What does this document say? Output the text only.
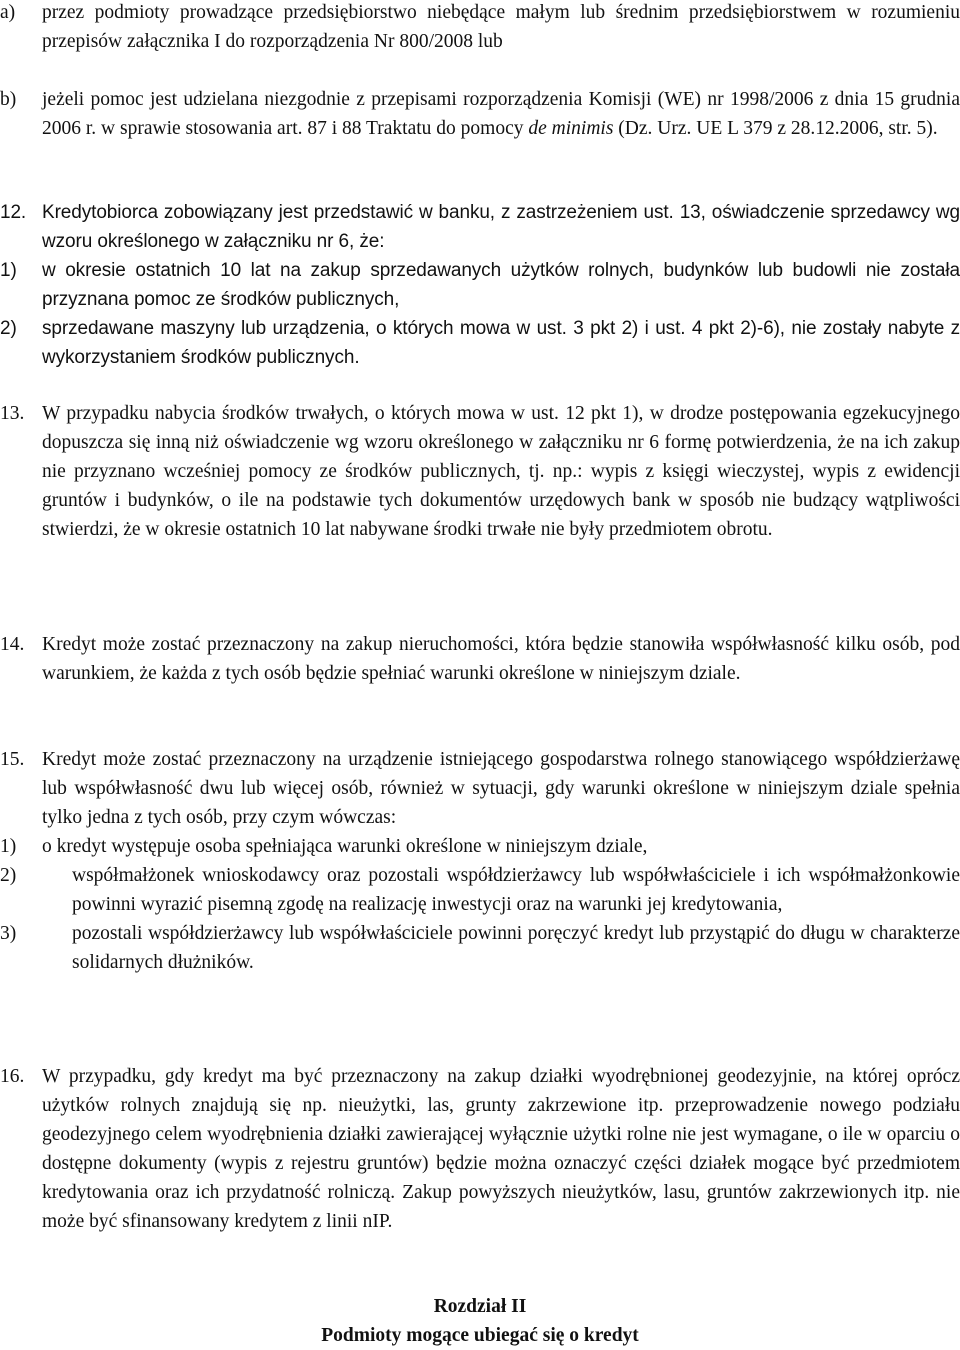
a)	przez podmioty prowadzące przedsiębiorstwo niebędące małym lub średnim przedsiębiorstwem w rozumieniu przepisów załącznika I do rozporządzenia Nr 800/2008 lub
b)	jeżeli pomoc jest udzielana niezgodnie z przepisami rozporządzenia Komisji (WE) nr 1998/2006 z dnia 15 grudnia 2006 r. w sprawie stosowania art. 87 i 88 Traktatu do pomocy de minimis (Dz. Urz. UE L 379 z 28.12.2006, str. 5).
12. Kredytobiorca zobowiązany jest przedstawić w banku, z zastrzeżeniem ust. 13, oświadczenie sprzedawcy wg wzoru określonego w załączniku nr 6, że:
1)	w okresie ostatnich 10 lat na zakup sprzedawanych użytków rolnych, budynków lub budowli nie została przyznana pomoc ze środków publicznych,
2)	sprzedawane maszyny lub urządzenia, o których mowa w ust. 3 pkt 2) i ust. 4 pkt 2)-6), nie zostały nabyte z wykorzystaniem środków publicznych.
13. W przypadku nabycia środków trwałych, o których mowa w ust. 12 pkt 1), w drodze postępowania egzekucyjnego dopuszcza się inną niż oświadczenie wg wzoru określonego w załączniku nr 6 formę potwierdzenia, że na ich zakup nie przyznano wcześniej pomocy ze środków publicznych, tj. np.: wypis z księgi wieczystej, wypis z ewidencji gruntów i budynków, o ile na podstawie tych dokumentów urzędowych bank w sposób nie budzący wątpliwości stwierdzi, że w okresie ostatnich 10 lat nabywane środki trwałe nie były przedmiotem obrotu.
14. Kredyt może zostać przeznaczony na zakup nieruchomości, która będzie stanowiła współwłasność kilku osób, pod warunkiem, że każda z tych osób będzie spełniać warunki określone w niniejszym dziale.
15. Kredyt może zostać przeznaczony na urządzenie istniejącego gospodarstwa rolnego stanowiącego współdzierżawę lub współwłasność dwu lub więcej osób, również w sytuacji, gdy warunki określone w niniejszym dziale spełnia tylko jedna z tych osób, przy czym wówczas:
1)	o kredyt występuje osoba spełniająca warunki określone w niniejszym dziale,
2)	współmałżonek wnioskodawcy oraz pozostali współdzierżawcy lub współwłaściciele i ich współmałżonkowie powinni wyrazić pisemną zgodę na realizację inwestycji oraz na warunki jej kredytowania,
3)	pozostali współdzierżawcy lub współwłaściciele powinni poręczyć kredyt lub przystąpić do długu w charakterze solidarnych dłużników.
16. W przypadku, gdy kredyt ma być przeznaczony na zakup działki wyodrębnionej geodezyjnie, na której oprócz użytków rolnych znajdują się np. nieużytki, las, grunty zakrzewione itp. przeprowadzenie nowego podziału geodezyjnego celem wyodrębnienia działki zawierającej wyłącznie użytki rolne nie jest wymagane, o ile w oparciu o dostępne dokumenty (wypis z rejestru gruntów) będzie można oznaczyć części działek mogące być przedmiotem kredytowania oraz ich przydatność rolniczą. Zakup powyższych nieużytków, lasu, gruntów zakrzewionych itp. nie może być sfinansowany kredytem z linii nIP.
Rozdział II
Podmioty mogące ubiegać się o kredyt
